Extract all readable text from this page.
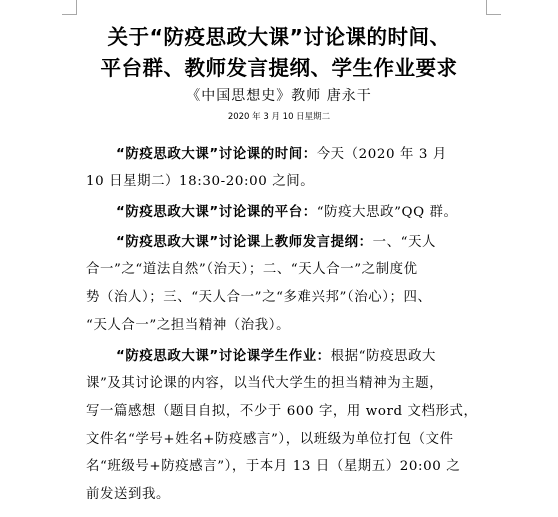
关于“防疫思政大课”讨论课的时间、
平台群、教师发言提纲、学生作业要求
《中国思想史》教师 唐永干
2020 年 3 月 10 日星期二
“防疫思政大课”讨论课的时间：今天（2020 年 3 月
10 日星期二）18:30-20:00 之间。
“防疫思政大课”讨论课的平台：“防疫大思政”QQ 群。
“防疫思政大课”讨论课上教师发言提纲：一、“天人
合一”之“道法自然”（治天）；二、“天人合一”之制度优
势（治人）；三、“天人合一”之“多难兴邦”（治心）；四、
“天人合一”之担当精神（治我）。
“防疫思政大课”讨论课学生作业：根据“防疫思政大
课”及其讨论课的内容，以当代大学生的担当精神为主题，
写一篇感想（题目自拟，不少于 600 字，用 word 文档形式，
文件名“学号+姓名+防疫感言”），以班级为单位打包（文件
名“班级号+防疫感言”），于本月 13 日（星期五）20:00 之
前发送到我。
